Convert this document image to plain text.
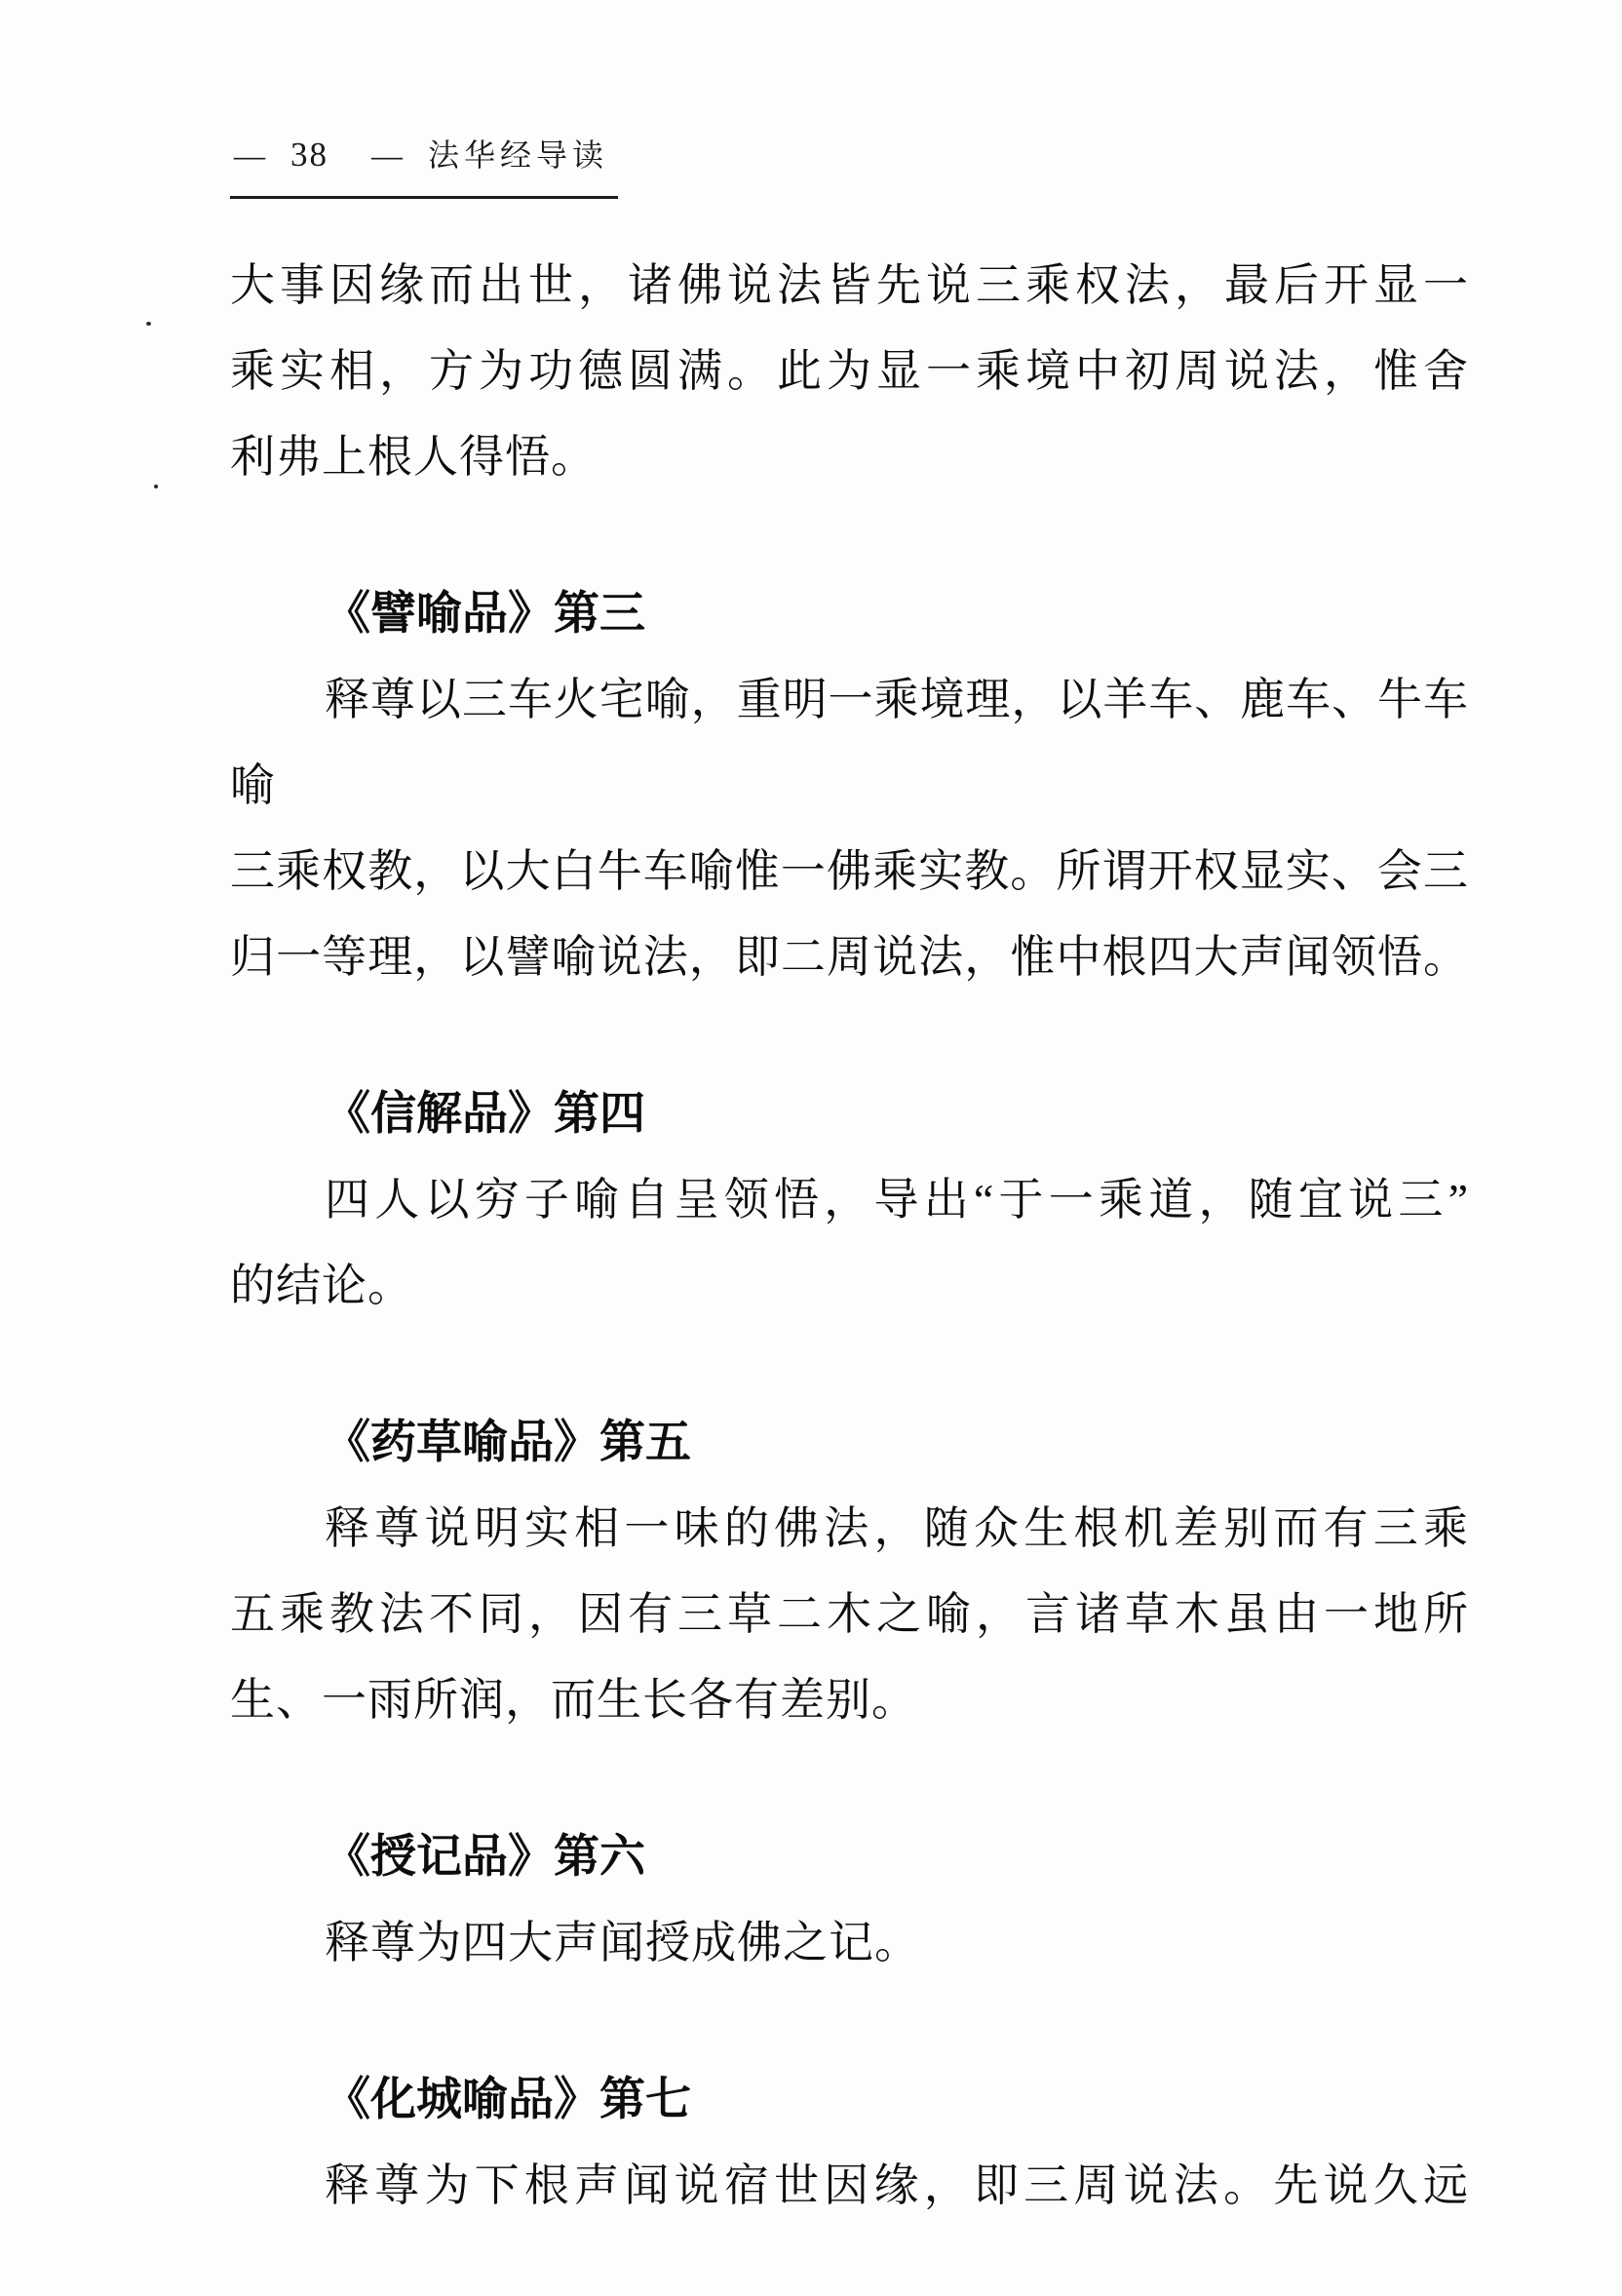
— 38 — 法华经导读
大事因缘而出世，诸佛说法皆先说三乘权法，最后开显一
乘实相，方为功德圆满。此为显一乘境中初周说法，惟舍
利弗上根人得悟。
《譬喻品》第三
释尊以三车火宅喻，重明一乘境理，以羊车、鹿车、牛车喻
三乘权教，以大白牛车喻惟一佛乘实教。所谓开权显实、会三
归一等理，以譬喻说法，即二周说法，惟中根四大声闻领悟。
《信解品》第四
四人以穷子喻自呈领悟，导出“于一乘道，随宜说三”
的结论。
《药草喻品》第五
释尊说明实相一味的佛法，随众生根机差别而有三乘
五乘教法不同，因有三草二木之喻，言诸草木虽由一地所
生、一雨所润，而生长各有差别。
《授记品》第六
释尊为四大声闻授成佛之记。
《化城喻品》第七
释尊为下根声闻说宿世因缘，即三周说法。先说久远
